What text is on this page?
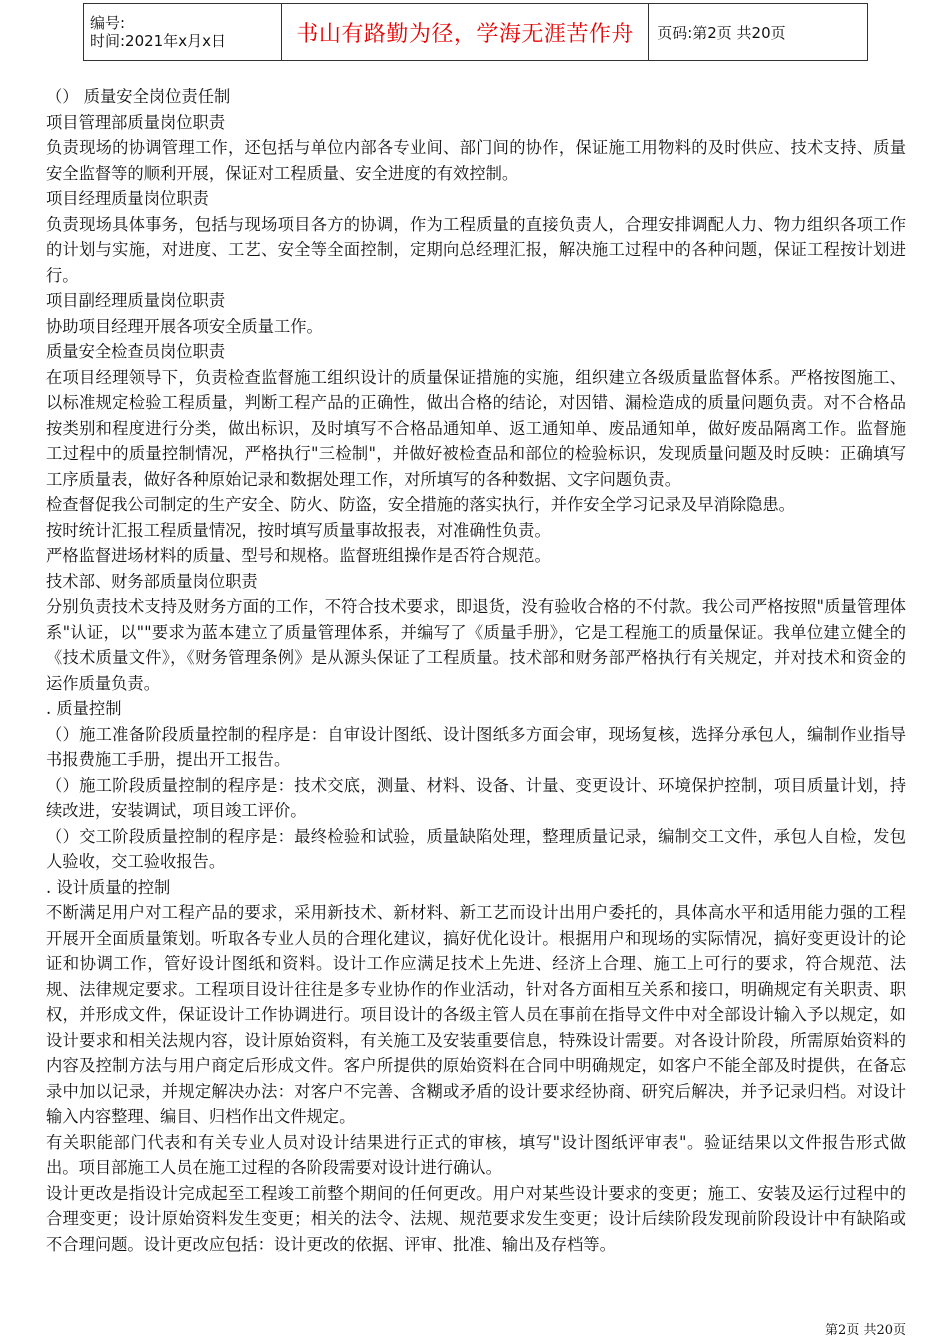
编号:
时间:2021年x月x日	书山有路勤为径，学海无涯苦作舟	页码:第2页 共20页

（） 质量安全岗位责任制

项目管理部质量岗位职责

负责现场的协调管理工作，还包括与单位内部各专业间、部门间的协作，保证施工用物料的及时供应、技术支持、质量安全监督等的顺利开展，保证对工程质量、安全进度的有效控制。

项目经理质量岗位职责

负责现场具体事务，包括与现场项目各方的协调，作为工程质量的直接负责人，合理安排调配人力、物力组织各项工作的计划与实施，对进度、工艺、安全等全面控制，定期向总经理汇报，解决施工过程中的各种问题，保证工程按计划进行。

项目副经理质量岗位职责

协助项目经理开展各项安全质量工作。

质量安全检查员岗位职责

在项目经理领导下，负责检查监督施工组织设计的质量保证措施的实施，组织建立各级质量监督体系。严格按图施工、以标准规定检验工程质量，判断工程产品的正确性，做出合格的结论，对因错、漏检造成的质量问题负责。对不合格品按类别和程度进行分类，做出标识，及时填写不合格品通知单、返工通知单、废品通知单，做好废品隔离工作。监督施工过程中的质量控制情况，严格执行"三检制"，并做好被检查品和部位的检验标识，发现质量问题及时反映：正确填写工序质量表，做好各种原始记录和数据处理工作，对所填写的各种数据、文字问题负责。

检查督促我公司制定的生产安全、防火、防盗，安全措施的落实执行，并作安全学习记录及早消除隐患。

按时统计汇报工程质量情况，按时填写质量事故报表，对准确性负责。

严格监督进场材料的质量、型号和规格。监督班组操作是否符合规范。

技术部、财务部质量岗位职责

分别负责技术支持及财务方面的工作，不符合技术要求，即退货，没有验收合格的不付款。我公司严格按照"质量管理体系"认证，以""要求为蓝本建立了质量管理体系，并编写了《质量手册》，它是工程施工的质量保证。我单位建立健全的《技术质量文件》，《财务管理条例》是从源头保证了工程质量。技术部和财务部严格执行有关规定，并对技术和资金的运作质量负责。

. 质量控制

（）施工准备阶段质量控制的程序是：自审设计图纸、设计图纸多方面会审，现场复核，选择分承包人，编制作业指导书报费施工手册，提出开工报告。

（）施工阶段质量控制的程序是：技术交底，测量、材料、设备、计量、变更设计、环境保护控制，项目质量计划，持续改进，安装调试，项目竣工评价。

（）交工阶段质量控制的程序是：最终检验和试验，质量缺陷处理，整理质量记录，编制交工文件，承包人自检，发包人验收，交工验收报告。

. 设计质量的控制

不断满足用户对工程产品的要求，采用新技术、新材料、新工艺而设计出用户委托的，具体高水平和适用能力强的工程开展开全面质量策划。听取各专业人员的合理化建议，搞好优化设计。根据用户和现场的实际情况，搞好变更设计的论证和协调工作，管好设计图纸和资料。设计工作应满足技术上先进、经济上合理、施工上可行的要求，符合规范、法规、法律规定要求。工程项目设计往往是多专业协作的作业活动，针对各方面相互关系和接口，明确规定有关职责、职权，并形成文件，保证设计工作协调进行。项目设计的各级主管人员在事前在指导文件中对全部设计输入予以规定，如设计要求和相关法规内容，设计原始资料，有关施工及安装重要信息，特殊设计需要。对各设计阶段，所需原始资料的内容及控制方法与用户商定后形成文件。客户所提供的原始资料在合同中明确规定，如客户不能全部及时提供，在备忘录中加以记录，并规定解决办法：对客户不完善、含糊或矛盾的设计要求经协商、研究后解决，并予记录归档。对设计输入内容整理、编目、归档作出文件规定。

有关职能部门代表和有关专业人员对设计结果进行正式的审核，填写"设计图纸评审表"。验证结果以文件报告形式做出。项目部施工人员在施工过程的各阶段需要对设计进行确认。

设计更改是指设计完成起至工程竣工前整个期间的任何更改。用户对某些设计要求的变更；施工、安装及运行过程中的合理变更；设计原始资料发生变更；相关的法令、法规、规范要求发生变更；设计后续阶段发现前阶段设计中有缺陷或不合理问题。设计更改应包括：设计更改的依据、评审、批准、输出及存档等。

第2页 共20页
